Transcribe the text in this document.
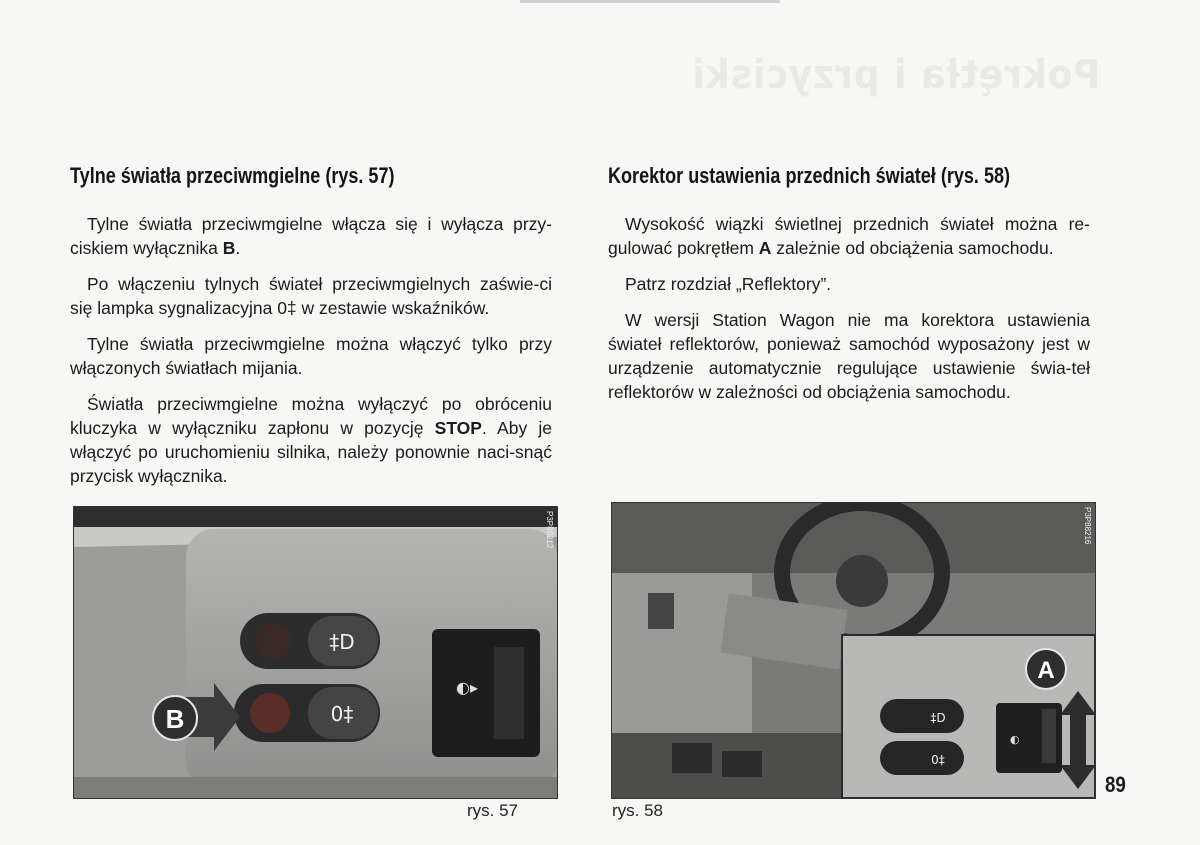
Pokrętła i przyciski
Tylne światła przeciwmgielne (rys. 57)

Tylne światła przeciwmgielne włącza się i wyłącza przy-ciskiem wyłącznika B.

Po włączeniu tylnych świateł przeciwmgielnych zaświe-ci się lampka sygnalizacyjna 0‡ w zestawie wskaźników.

Tylne światła przeciwmgielne można włączyć tylko przy włączonych światłach mijania.

Światła przeciwmgielne można wyłączyć po obróceniu kluczyka w wyłączniku zapłonu w pozycję STOP. Aby je włączyć po uruchomieniu silnika, należy ponownie naci-snąć przycisk wyłącznika.

‡D
0‡
◐▸
B
P3P88212
rys. 57
Korektor ustawienia przednich świateł (rys. 58)

Wysokość wiązki świetlnej przednich świateł można re-gulować pokrętłem A zależnie od obciążenia samochodu.

Patrz rozdział „Reflektory”.

W wersji Station Wagon nie ma korektora ustawienia świateł reflektorów, ponieważ samochód wyposażony jest w urządzenie automatycznie regulujące ustawienie świa-teł reflektorów w zależności od obciążenia samochodu.

‡D
0‡
◐
A
P3P88216
rys. 58
89
